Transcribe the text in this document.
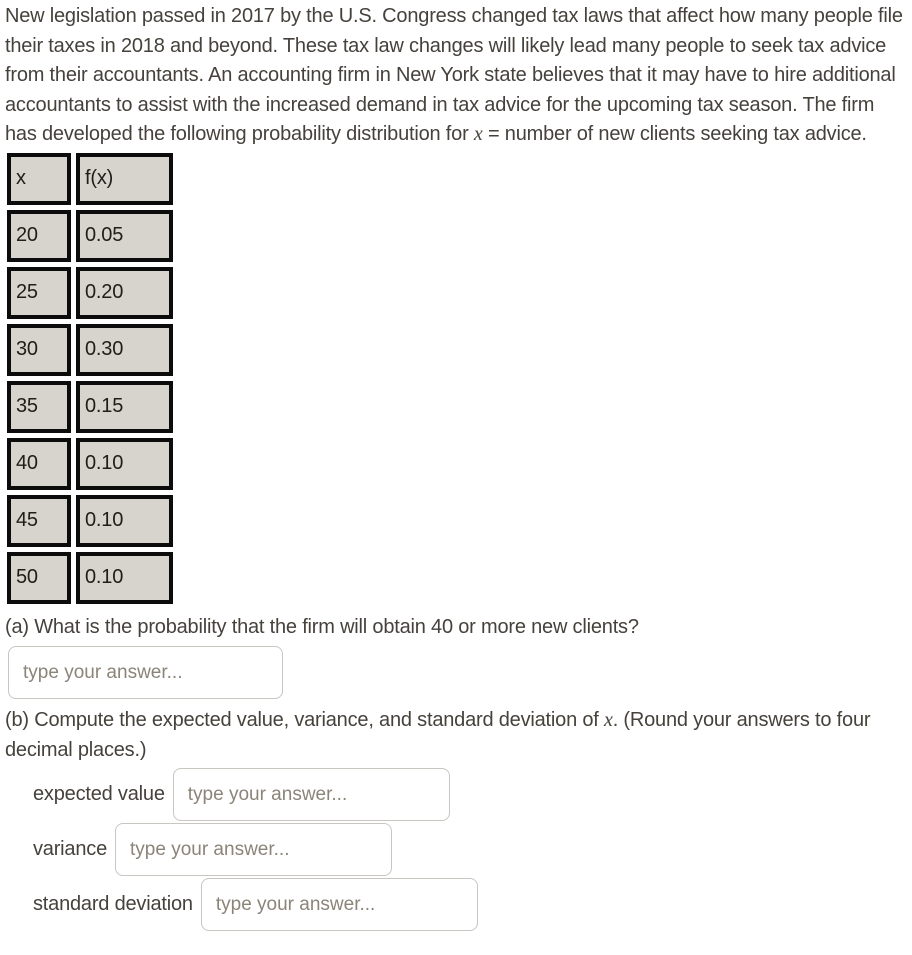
New legislation passed in 2017 by the U.S. Congress changed tax laws that affect how many people file their taxes in 2018 and beyond. These tax law changes will likely lead many people to seek tax advice from their accountants. An accounting firm in New York state believes that it may have to hire additional accountants to assist with the increased demand in tax advice for the upcoming tax season. The firm has developed the following probability distribution for x = number of new clients seeking tax advice.

x	f(x)
20	0.05
25	0.20
30	0.30
35	0.15
40	0.10
45	0.10
50	0.10

(a) What is the probability that the firm will obtain 40 or more new clients?

type your answer...

(b) Compute the expected value, variance, and standard deviation of x. (Round your answers to four decimal places.)

expected value
type your answer...
variance
type your answer...
standard deviation
type your answer...
